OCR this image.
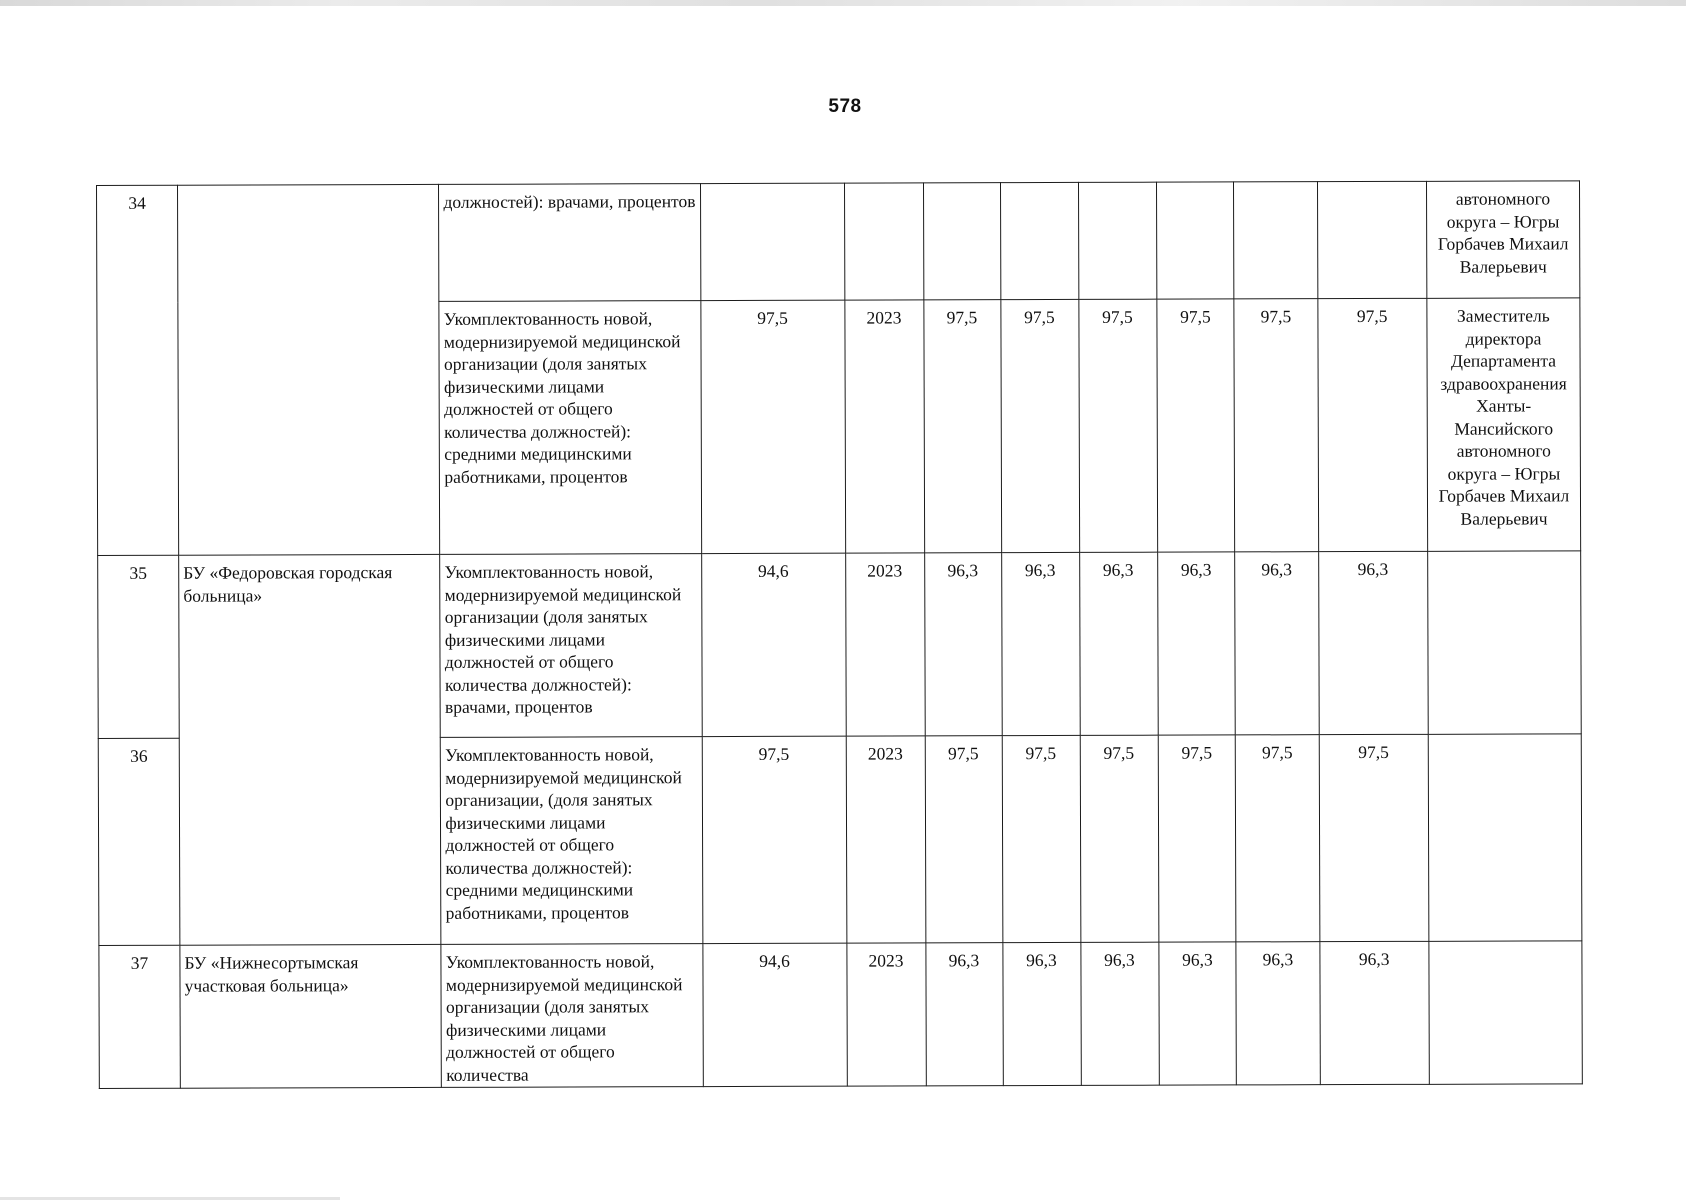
578
34		должностей): врачами, процентов									автономного округа – Югры Горбачев Михаил Валерьевич
		Укомплектованность новой, модернизируемой медицинской организации (доля занятых физическими лицами должностей от общего количества должностей): средними медицинскими работниками, процентов	97,5	2023	97,5	97,5	97,5	97,5	97,5	97,5	Заместитель директора Департамента здравоохранения Ханты-Мансийского автономного округа – Югры Горбачев Михаил Валерьевич
35	БУ «Федоровская городская больница»	Укомплектованность новой, модернизируемой медицинской организации (доля занятых физическими лицами должностей от общего количества должностей): врачами, процентов	94,6	2023	96,3	96,3	96,3	96,3	96,3	96,3	
36		Укомплектованность новой, модернизируемой медицинской организации, (доля занятых физическими лицами должностей от общего количества должностей): средними медицинскими работниками, процентов	97,5	2023	97,5	97,5	97,5	97,5	97,5	97,5	
37	БУ «Нижнесортымская участковая больница»	Укомплектованность новой, модернизируемой медицинской организации (доля занятых физическими лицами должностей от общего количества	94,6	2023	96,3	96,3	96,3	96,3	96,3	96,3	
